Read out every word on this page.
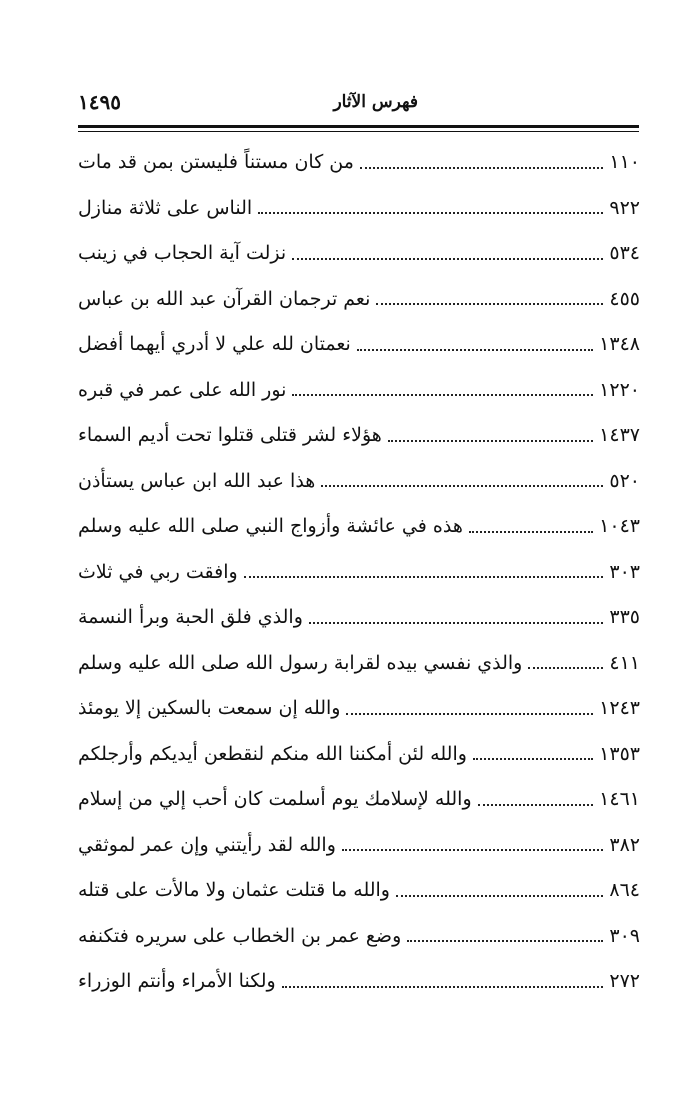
فهرس الآثار
١٤٩٥
من كان مستناً فليستن بمن قد مات	١١٠
الناس على ثلاثة منازل	٩٢٢
نزلت آية الحجاب في زينب	٥٣٤
نعم ترجمان القرآن عبد الله بن عباس	٤٥٥
نعمتان لله علي لا أدري أيهما أفضل	١٣٤٨
نور الله على عمر في قبره	١٢٢٠
هؤلاء لشر قتلى قتلوا تحت أديم السماء	١٤٣٧
هذا عبد الله ابن عباس يستأذن	٥٢٠
هذه في عائشة وأزواج النبي صلى الله عليه وسلم	١٠٤٣
وافقت ربي في ثلاث	٣٠٣
والذي فلق الحبة وبرأ النسمة	٣٣٥
والذي نفسي بيده لقرابة رسول الله صلى الله عليه وسلم	٤١١
والله إن سمعت بالسكين إلا يومئذ	١٢٤٣
والله لئن أمكننا الله منكم لنقطعن أيديكم وأرجلكم	١٣٥٣
والله لإسلامك يوم أسلمت كان أحب إلي من إسلام	١٤٦١
والله لقد رأيتني وإن عمر لموثقي	٣٨٢
والله ما قتلت عثمان ولا مالأت على قتله	٨٦٤
وضع عمر بن الخطاب على سريره فتكنفه	٣٠٩
ولكنا الأمراء وأنتم الوزراء	٢٧٢
